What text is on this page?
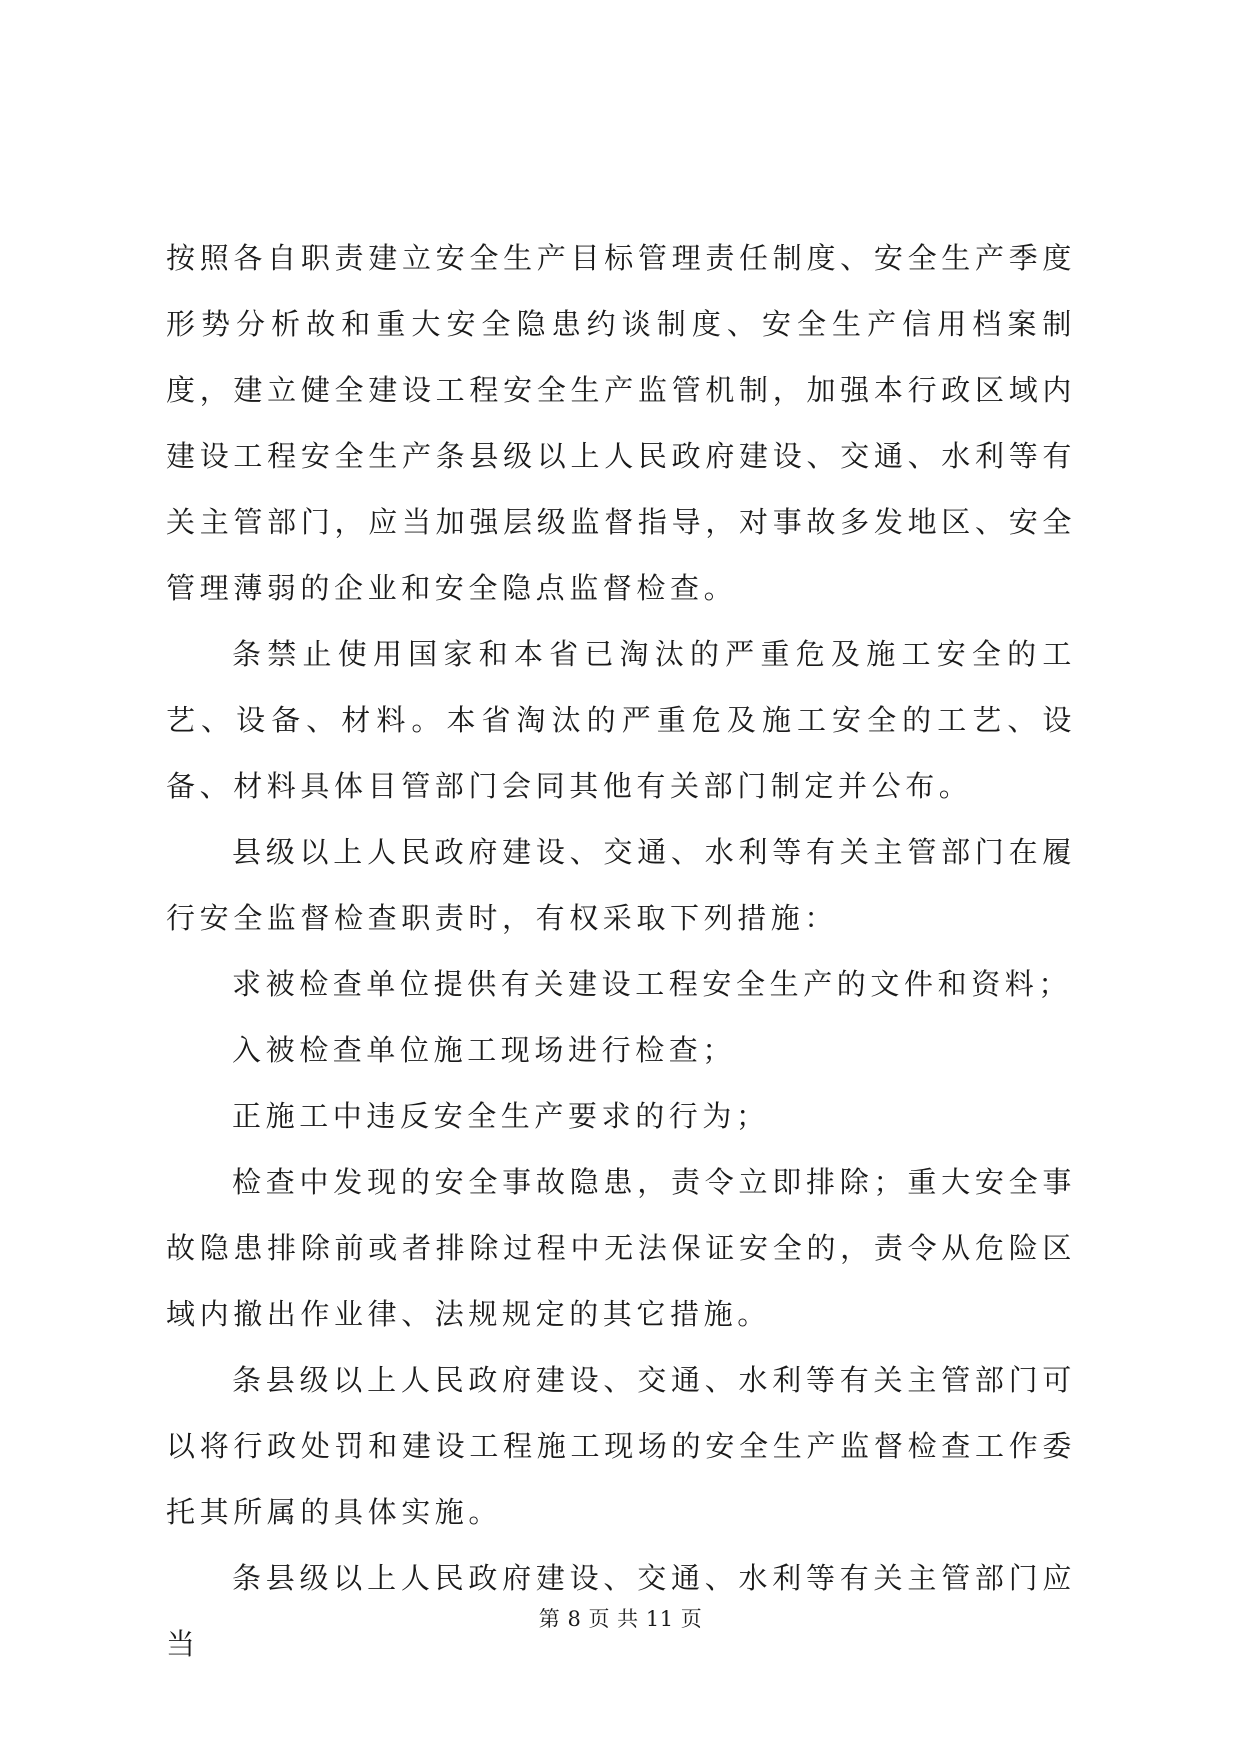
按照各自职责建立安全生产目标管理责任制度、安全生产季度形势分析故和重大安全隐患约谈制度、安全生产信用档案制度，建立健全建设工程安全生产监管机制，加强本行政区域内建设工程安全生产条县级以上人民政府建设、交通、水利等有关主管部门，应当加强层级监督指导，对事故多发地区、安全管理薄弱的企业和安全隐点监督检查。

条禁止使用国家和本省已淘汰的严重危及施工安全的工艺、设备、材料。本省淘汰的严重危及施工安全的工艺、设备、材料具体目管部门会同其他有关部门制定并公布。

县级以上人民政府建设、交通、水利等有关主管部门在履行安全监督检查职责时，有权采取下列措施：

求被检查单位提供有关建设工程安全生产的文件和资料；

入被检查单位施工现场进行检查；

正施工中违反安全生产要求的行为；

检查中发现的安全事故隐患，责令立即排除；重大安全事故隐患排除前或者排除过程中无法保证安全的，责令从危险区域内撤出作业律、法规规定的其它措施。

条县级以上人民政府建设、交通、水利等有关主管部门可以将行政处罚和建设工程施工现场的安全生产监督检查工作委托其所属的具体实施。

条县级以上人民政府建设、交通、水利等有关主管部门应当

第 8 页 共 11 页
